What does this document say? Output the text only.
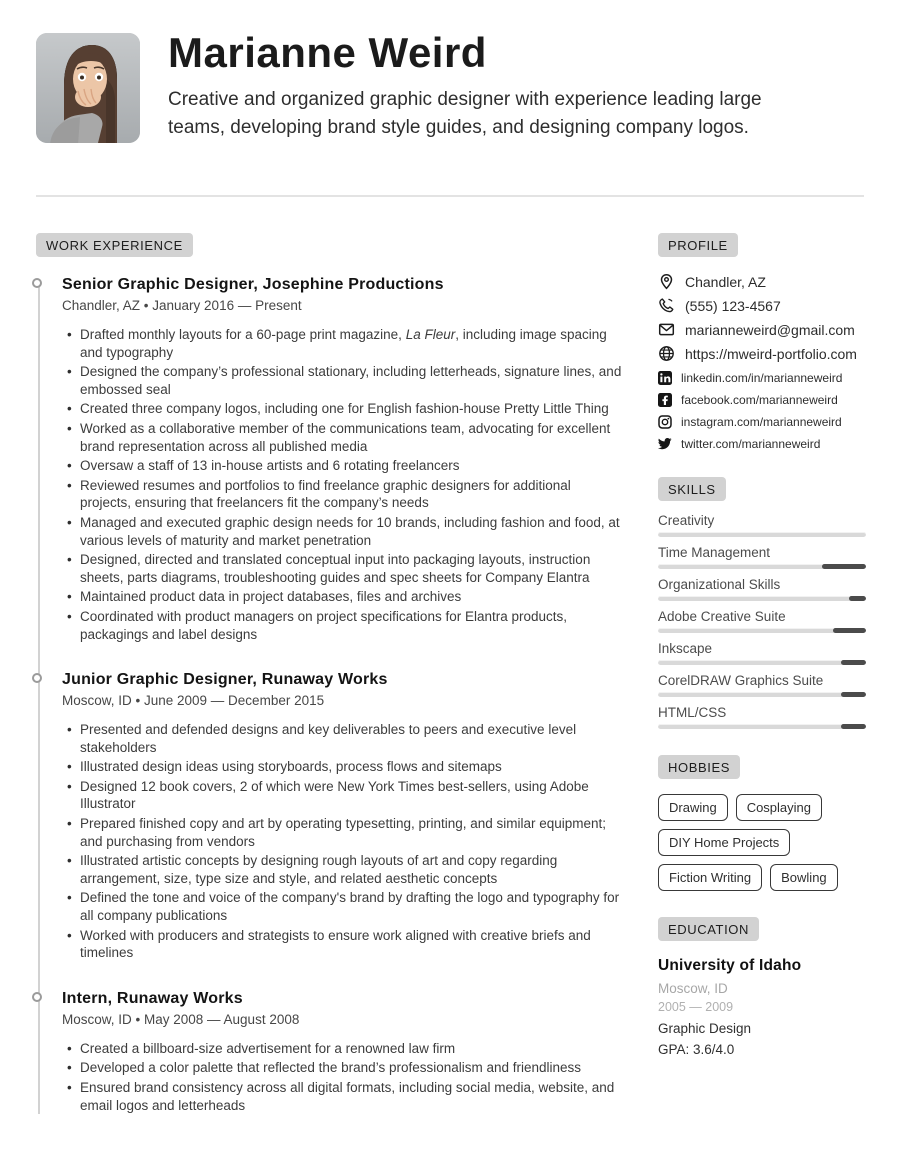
Marianne Weird

Creative and organized graphic designer with experience leading large teams, developing brand style guides, and designing company logos.

WORK EXPERIENCE
Senior Graphic Designer, Josephine Productions
Chandler, AZ • January 2016 — Present
• Drafted monthly layouts for a 60-page print magazine, La Fleur, including image spacing and typography
• Designed the company’s professional stationary, including letterheads, signature lines, and embossed seal
• Created three company logos, including one for English fashion-house Pretty Little Thing
• Worked as a collaborative member of the communications team, advocating for excellent brand representation across all published media
• Oversaw a staff of 13 in-house artists and 6 rotating freelancers
• Reviewed resumes and portfolios to find freelance graphic designers for additional projects, ensuring that freelancers fit the company’s needs
• Managed and executed graphic design needs for 10 brands, including fashion and food, at various levels of maturity and market penetration
• Designed, directed and translated conceptual input into packaging layouts, instruction sheets, parts diagrams, troubleshooting guides and spec sheets for Company Elantra
• Maintained product data in project databases, files and archives
• Coordinated with product managers on project specifications for Elantra products, packagings and label designs
Junior Graphic Designer, Runaway Works
Moscow, ID • June 2009 — December 2015
• Presented and defended designs and key deliverables to peers and executive level stakeholders
• Illustrated design ideas using storyboards, process flows and sitemaps
• Designed 12 book covers, 2 of which were New York Times best-sellers, using Adobe Illustrator
• Prepared finished copy and art by operating typesetting, printing, and similar equipment; and purchasing from vendors
• Illustrated artistic concepts by designing rough layouts of art and copy regarding arrangement, size, type size and style, and related aesthetic concepts
• Defined the tone and voice of the company's brand by drafting the logo and typography for all company publications
• Worked with producers and strategists to ensure work aligned with creative briefs and timelines
Intern, Runaway Works
Moscow, ID • May 2008 — August 2008
• Created a billboard-size advertisement for a renowned law firm
• Developed a color palette that reflected the brand’s professionalism and friendliness
• Ensured brand consistency across all digital formats, including social media, website, and email logos and letterheads
PROFILE
Chandler, AZ
(555) 123-4567
marianneweird@gmail.com
https://mweird-portfolio.com
linkedin.com/in/marianneweird
facebook.com/marianneweird
instagram.com/marianneweird
twitter.com/marianneweird
SKILLS
Creativity
Time Management
Organizational Skills
Adobe Creative Suite
Inkscape
CorelDRAW Graphics Suite
HTML/CSS
HOBBIES
Drawing	Cosplaying
DIY Home Projects
Fiction Writing	Bowling
EDUCATION
University of Idaho
Moscow, ID
2005 — 2009
Graphic Design
GPA: 3.6/4.0
